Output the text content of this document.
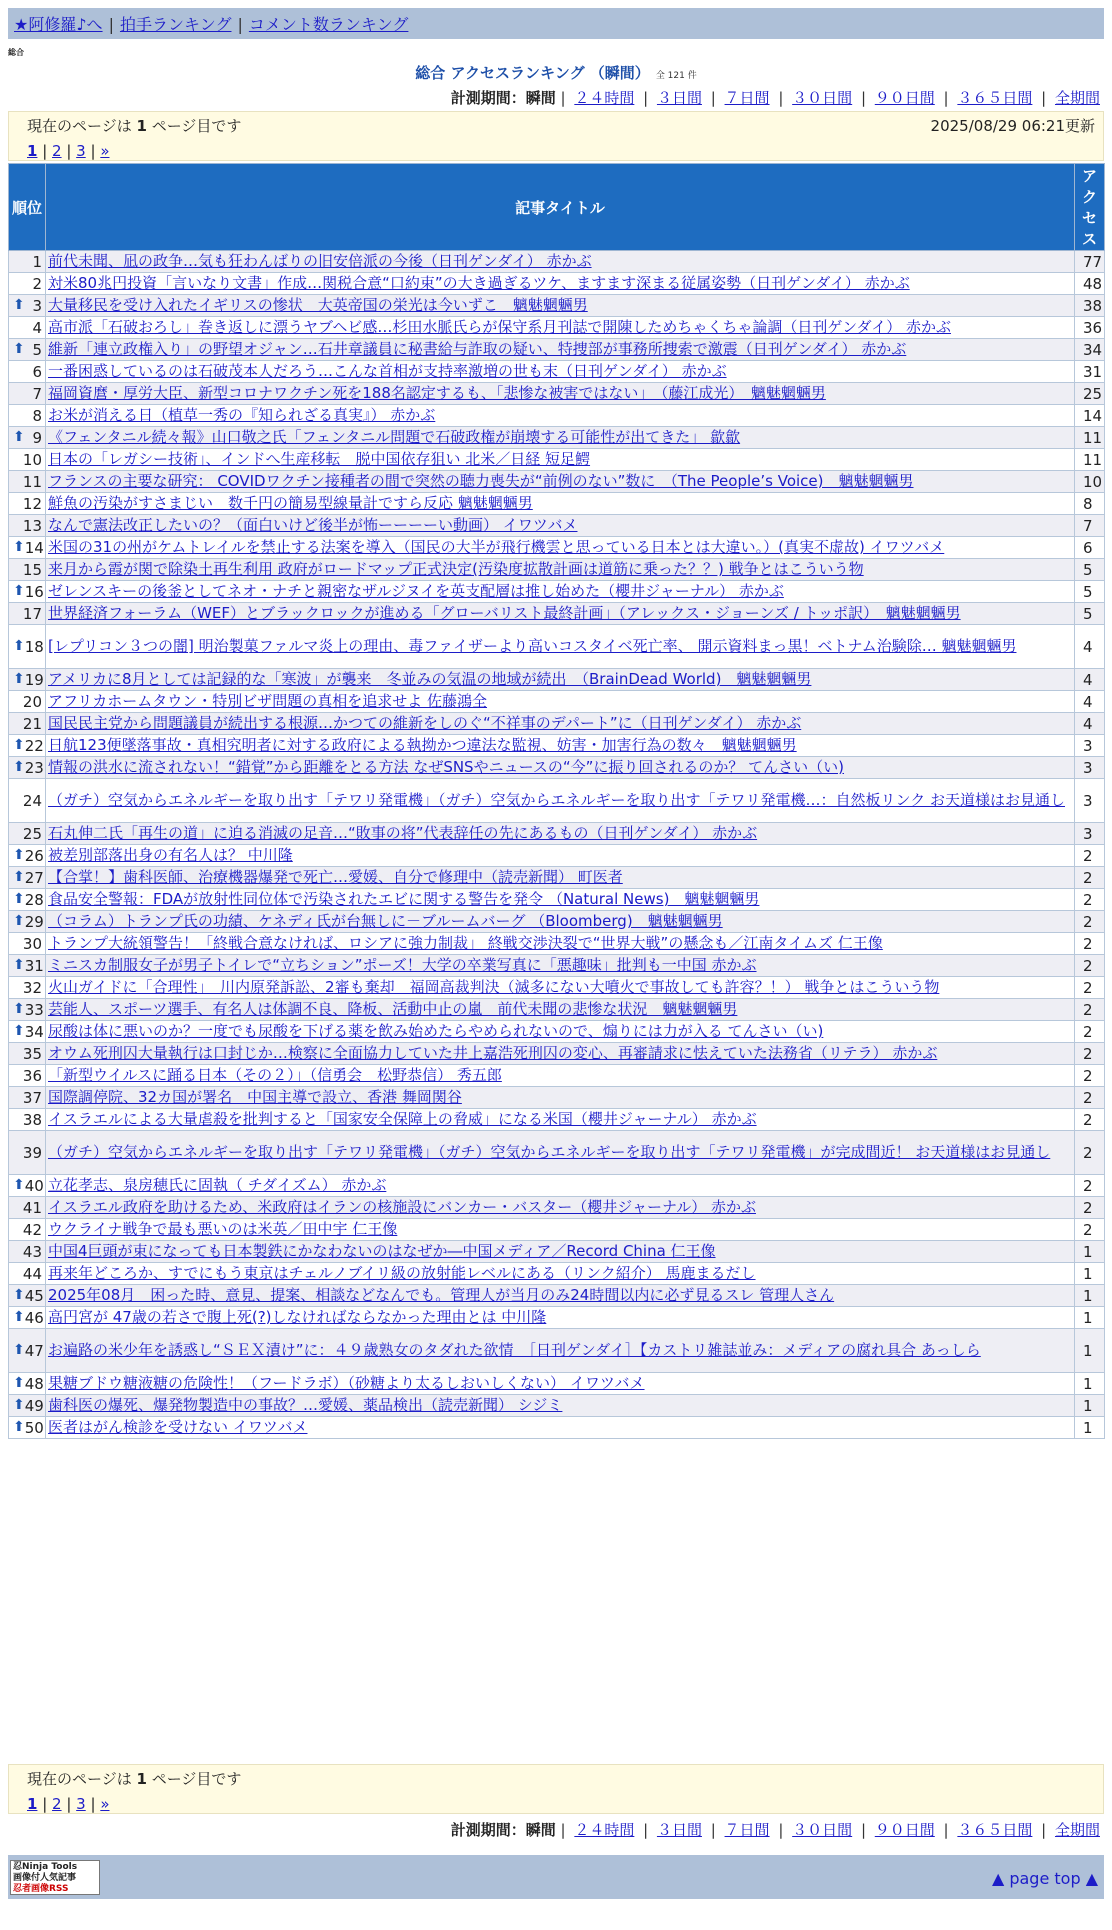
★阿修羅♪へ | 拍手ランキング | コメント数ランキング
総合
総合 アクセスランキング （瞬間） 全 121 件
計測期間：瞬間 | ２４時間 | ３日間 | ７日間 | ３０日間 | ９０日間 | ３６５日間 | 全期間
現在のページは 1 ページ目です	2025/08/29 06:21更新
1 | 2 | 3 | »
順位	記事タイトル	アクセス
1	前代未聞、凪の政争…気も狂わんばりの旧安倍派の今後（日刊ゲンダイ） 赤かぶ	77
2	対米80兆円投資「言いなり文書」作成…関税合意“口約束”の大き過ぎるツケ、ますます深まる従属姿勢（日刊ゲンダイ） 赤かぶ	48

⬆ 3	大量移民を受け入れたイギリスの惨状　大英帝国の栄光は今いずこ　魑魅魍魎男	38
4	高市派「石破おろし」巻き返しに漂うヤブヘビ感…杉田水脈氏らが保守系月刊誌で開陳しためちゃくちゃ論調（日刊ゲンダイ） 赤かぶ	36

⬆ 5	維新「連立政権入り」の野望オジャン…石井章議員に秘書給与詐取の疑い、特捜部が事務所捜索で激震（日刊ゲンダイ） 赤かぶ	34
6	一番困惑しているのは石破茂本人だろう…こんな首相が支持率激増の世も末（日刊ゲンダイ） 赤かぶ	31
7	福岡資麿・厚労大臣、新型コロナワクチン死を188名認定するも、「悲惨な被害ではない」　（藤江成光）　魑魅魍魎男	25
8	お米が消える日（植草一秀の『知られざる真実』） 赤かぶ	14

⬆ 9	《フェンタニル続々報》山口敬之氏「フェンタニル問題で石破政権が崩壊する可能性が出てきた」 歙歙	11
10	日本の「レガシー技術」、インドへ生産移転　脱中国依存狙い 北米／日経 短足鰐	11
11	フランスの主要な研究： COVIDワクチン接種者の間で突然の聴力喪失が“前例のない”数に　（The People’s Voice)　魑魅魍魎男	10
12	鮮魚の汚染がすさまじい　数千円の簡易型線量計ですら反応 魑魅魍魎男	8
13	なんで憲法改正したいの？（面白いけど後半が怖ーーーーい動画） イワツバメ	7

⬆ 14	米国の31の州がケムトレイルを禁止する法案を導入（国民の大半が飛行機雲と思っている日本とは大違い。）(真実不虚故) イワツバメ	6
15	来月から霞が関で除染土再生利用 政府がロードマップ正式決定(汚染度拡散計画は道筋に乗った？？) 戦争とはこういう物	5

⬆ 16	ゼレンスキーの後釜としてネオ・ナチと親密なザルジヌイを英支配層は推し始めた（櫻井ジャーナル） 赤かぶ	5
17	世界経済フォーラム（WEF）とブラックロックが進める「グローバリスト最終計画」（アレックス・ジョーンズ / トッポ訳）　魑魅魍魎男	5

⬆ 18	[レプリコン３つの闇] 明治製菓ファルマ炎上の理由、毒ファイザーより高いコスタイベ死亡率、 開示資料まっ黒！ベトナム治験除… 魑魅魍魎男	4

⬆ 19	アメリカに8月としては記録的な「寒波」が襲来　冬並みの気温の地域が続出　（BrainDead World)　魑魅魍魎男	4
20	アフリカホームタウン・特別ビザ問題の真相を追求せよ 佐藤鴻全	4
21	国民民主党から問題議員が続出する根源…かつての維新をしのぐ“不祥事のデパート”に（日刊ゲンダイ） 赤かぶ	4

⬆ 22	日航123便墜落事故・真相究明者に対する政府による執拗かつ違法な監視、妨害・加害行為の数々　魑魅魍魎男	3

⬆ 23	情報の洪水に流されない！“錯覚”から距離をとる方法 なぜSNSやニュースの“今”に振り回されるのか？ てんさい（い)	3
24	（ガチ）空気からエネルギーを取り出す「テワリ発電機」（ガチ）空気からエネルギーを取り出す「テワリ発電機…：自然板リンク お天道様はお見通し	3
25	石丸伸二氏「再生の道」に迫る消滅の足音…“敗事の将”代表辞任の先にあるもの（日刊ゲンダイ） 赤かぶ	3

⬆ 26	被差別部落出身の有名人は？ 中川隆	2

⬆ 27	【合掌！】歯科医師、治療機器爆発で死亡…愛媛、自分で修理中（読売新聞） 町医者	2

⬆ 28	食品安全警報：FDAが放射性同位体で汚染されたエビに関する警告を発令 （Natural News)　魑魅魍魎男	2

⬆ 29	（コラム）トランプ氏の功績、ケネディ氏が台無しに－ブルームバーグ （Bloomberg)　魑魅魍魎男	2
30	トランプ大統領警告！「終戦合意なければ、ロシアに強力制裁」 終戦交渉決裂で“世界大戦”の懸念も／江南タイムズ 仁王像	2

⬆ 31	ミニスカ制服女子が男子トイレで“立ちション”ポーズ！大学の卒業写真に「悪趣味」批判も一中国 赤かぶ	2
32	火山ガイドに「合理性」　川内原発訴訟、2審も棄却　福岡高裁判決（滅多にない大噴火で事故しても許容？！） 戦争とはこういう物	2

⬆ 33	芸能人、スポーツ選手、有名人は体調不良、降板、活動中止の嵐　前代未聞の悲惨な状況　魑魅魍魎男	2

⬆ 34	尿酸は体に悪いのか？一度でも尿酸を下げる薬を飲み始めたらやめられないので、煽りには力が入る てんさい（い)	2
35	オウム死刑囚大量執行は口封じか…検察に全面協力していた井上嘉浩死刑囚の変心、再審請求に怯えていた法務省（リテラ） 赤かぶ	2
36	「新型ウイルスに踊る日本（その２）」（信勇会　松野恭信） 秀五郎	2
37	国際調停院、32カ国が署名　中国主導で設立、香港 舞岡関谷	2
38	イスラエルによる大量虐殺を批判すると「国家安全保障上の脅威」になる米国（櫻井ジャーナル） 赤かぶ	2
39	（ガチ）空気からエネルギーを取り出す「テワリ発電機」（ガチ）空気からエネルギーを取り出す「テワリ発電機」が完成間近！ お天道様はお見通し	2

⬆ 40	立花孝志、泉房穂氏に固執（ チダイズム） 赤かぶ	2
41	イスラエル政府を助けるため、米政府はイランの核施設にバンカー・バスター（櫻井ジャーナル） 赤かぶ	2
42	ウクライナ戦争で最も悪いのは米英／田中宇 仁王像	2
43	中国4巨頭が束になっても日本製鉄にかなわないのはなぜか―中国メディア／Record China 仁王像	1
44	再来年どころか、すでにもう東京はチェルノブイリ級の放射能レベルにある（リンク紹介） 馬鹿まるだし	1

⬆ 45	2025年08月　困った時、意見、提案、相談などなんでも。管理人が当月のみ24時間以内に必ず見るスレ 管理人さん	1

⬆ 46	高円宮が 47歳の若さで腹上死(?)しなければならなかった理由とは 中川隆	1

⬆ 47	お遍路の米少年を誘惑し“ＳＥＸ漬け”に：４９歳熟女のタダれた欲情　［日刊ゲンダイ］【カストリ雑誌並み：メディアの腐れ具合 あっしら	1

⬆ 48	果糖ブドウ糖液糖の危険性！（フードラボ）（砂糖より太るしおいしくない） イワツバメ	1

⬆ 49	歯科医の爆死、爆発物製造中の事故？…愛媛、薬品検出（読売新聞） シジミ	1

⬆ 50	医者はがん検診を受けない イワツバメ	1
現在のページは 1 ページ目です
1 | 2 | 3 | »
計測期間：瞬間 | ２４時間 | ３日間 | ７日間 | ３０日間 | ９０日間 | ３６５日間 | 全期間
忍Ninja Tools
画像付人気記事
忍者画像RSS
▲ page top ▲
